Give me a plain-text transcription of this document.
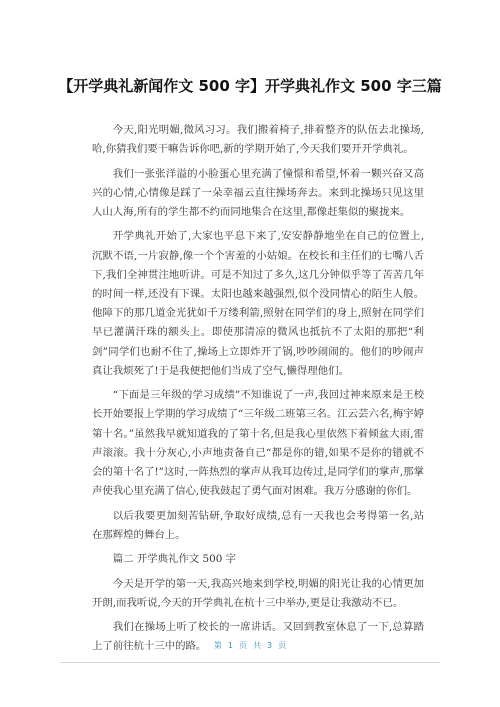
【开学典礼新闻作文 500 字】开学典礼作文 500 字三篇

今天,阳光明媚,微风习习。我们搬着椅子,排着整齐的队伍去北操场,哈,你猜我们要干嘛告诉你吧,新的学期开始了,今天我们要开开学典礼。

我们一张张洋溢的小脸蛋心里充满了憧憬和希望,怀着一颗兴奋又高兴的心情,心情像是踩了一朵幸福云直往操场奔去。来到北操场只见这里人山人海,所有的学生都不约而同地集合在这里,都像赶集似的聚拢来。

开学典礼开始了,大家也平息下来了,安安静静地坐在自己的位置上,沉默不语,一片寂静,像一个个害羞的小姑娘。在校长和主任们的七嘴八舌下,我们全神贯注地听讲。可是不知过了多久,这几分钟似乎等了苦苦几年的时间一样,还没有下课。太阳也越来越强烈,似个没同情心的陌生人般。他障下的那几道金光犹如千万缕利箭,照射在同学们的身上,照射在同学们早已灌满汗珠的额头上。即使那清凉的微风也抵抗不了太阳的那把“利剑”同学们也耐不住了,操场上立即炸开了锅,吵吵闹闹的。他们的吵闹声真让我烦死了!于是我便把他们当成了空气,懒得理他们。

“下面是三年级的学习成绩”不知谁说了一声,我回过神来原来是王校长开始要报上学期的学习成绩了“三年级二班第三名。江云芸六名,梅宇婷第十名。”虽然我早就知道我的了第十名,但是我心里依然下着倾盆大雨,雷声滚滚。我十分灰心,小声地责备自己“都是你的错,如果不是你的错就不会的第十名了!”这时,一阵热烈的掌声从我耳边传过,是同学们的掌声,那掌声使我心里充满了信心,使我鼓起了勇气面对困难。我万分感谢的你们。

以后我要更加刻苦钻研,争取好成绩,总有一天我也会考得第一名,站在那辉煌的舞台上。

篇二 开学典礼作文 500 字

今天是开学的第一天,我高兴地来到学校,明媚的阳光让我的心情更加开朗,而我听说,今天的开学典礼在杭十三中举办,更是让我激动不已。

我们在操场上听了校长的一席讲话。又回到教室休息了一下,总算踏上了前往杭十三中的路。 第 1 页 共 3 页
